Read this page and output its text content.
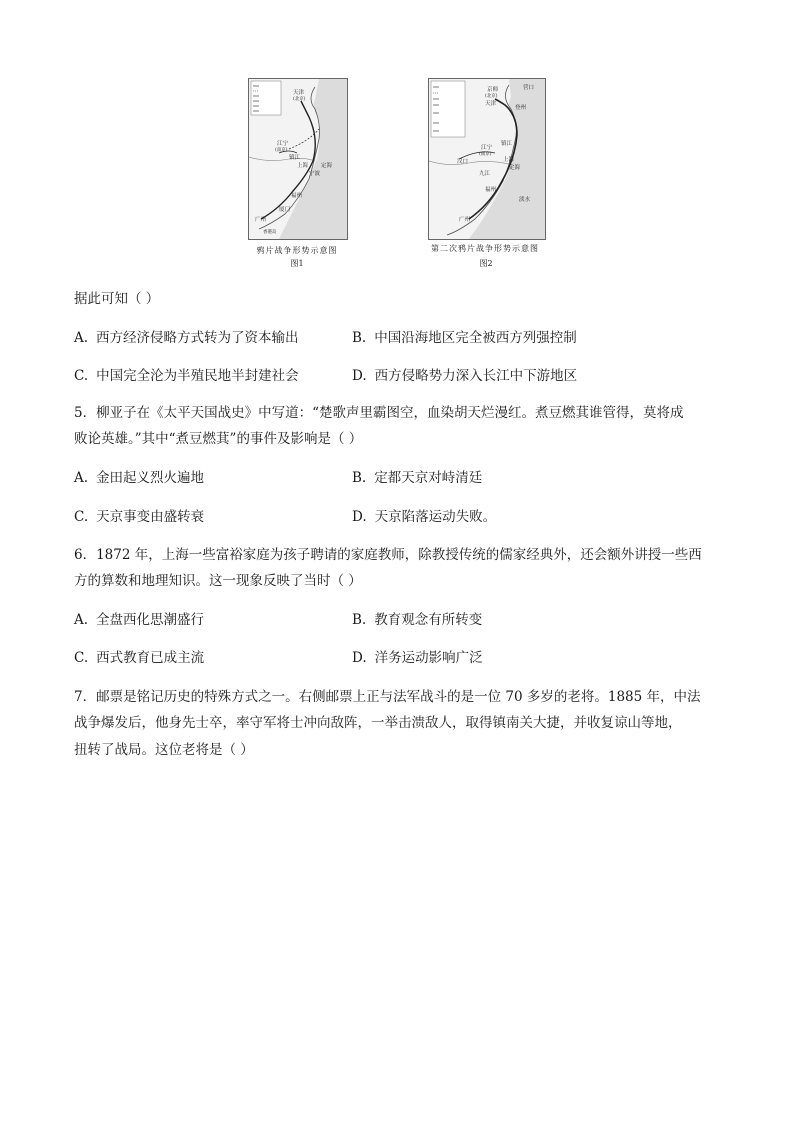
天津
(北京)
江宁
(南京)
镇江
上海 定海
宁波
福州
厦门
广州
香港岛
鸦片战争形势示意图
图1
京师
(北京)
天津
营口
登州
江宁
(南京)
镇江
汉口
九江
上海
定海
福州
淡水
广州
第二次鸦片战争形势示意图
图2
据此可知（ ）
A. 西方经济侵略方式转为了资本输出	B. 中国沿海地区完全被西方列强控制
C. 中国完全沦为半殖民地半封建社会	D. 西方侵略势力深入长江中下游地区
5．柳亚子在《太平天国战史》中写道：“楚歌声里霸图空，血染胡天烂漫红。煮豆燃萁谁管得，莫将成
败论英雄。”其中“煮豆燃萁”的事件及影响是（ ）
A. 金田起义烈火遍地	B. 定都天京对峙清廷
C. 天京事变由盛转衰	D. 天京陷落运动失败。
6．1872 年，上海一些富裕家庭为孩子聘请的家庭教师，除教授传统的儒家经典外，还会额外讲授一些西
方的算数和地理知识。这一现象反映了当时（ ）
A. 全盘西化思潮盛行	B. 教育观念有所转变
C. 西式教育已成主流	D. 洋务运动影响广泛
7．邮票是铭记历史的特殊方式之一。右侧邮票上正与法军战斗的是一位 70 多岁的老将。1885 年，中法
战争爆发后，他身先士卒，率守军将士冲向敌阵，一举击溃敌人，取得镇南关大捷，并收复谅山等地，
扭转了战局。这位老将是（ ）
